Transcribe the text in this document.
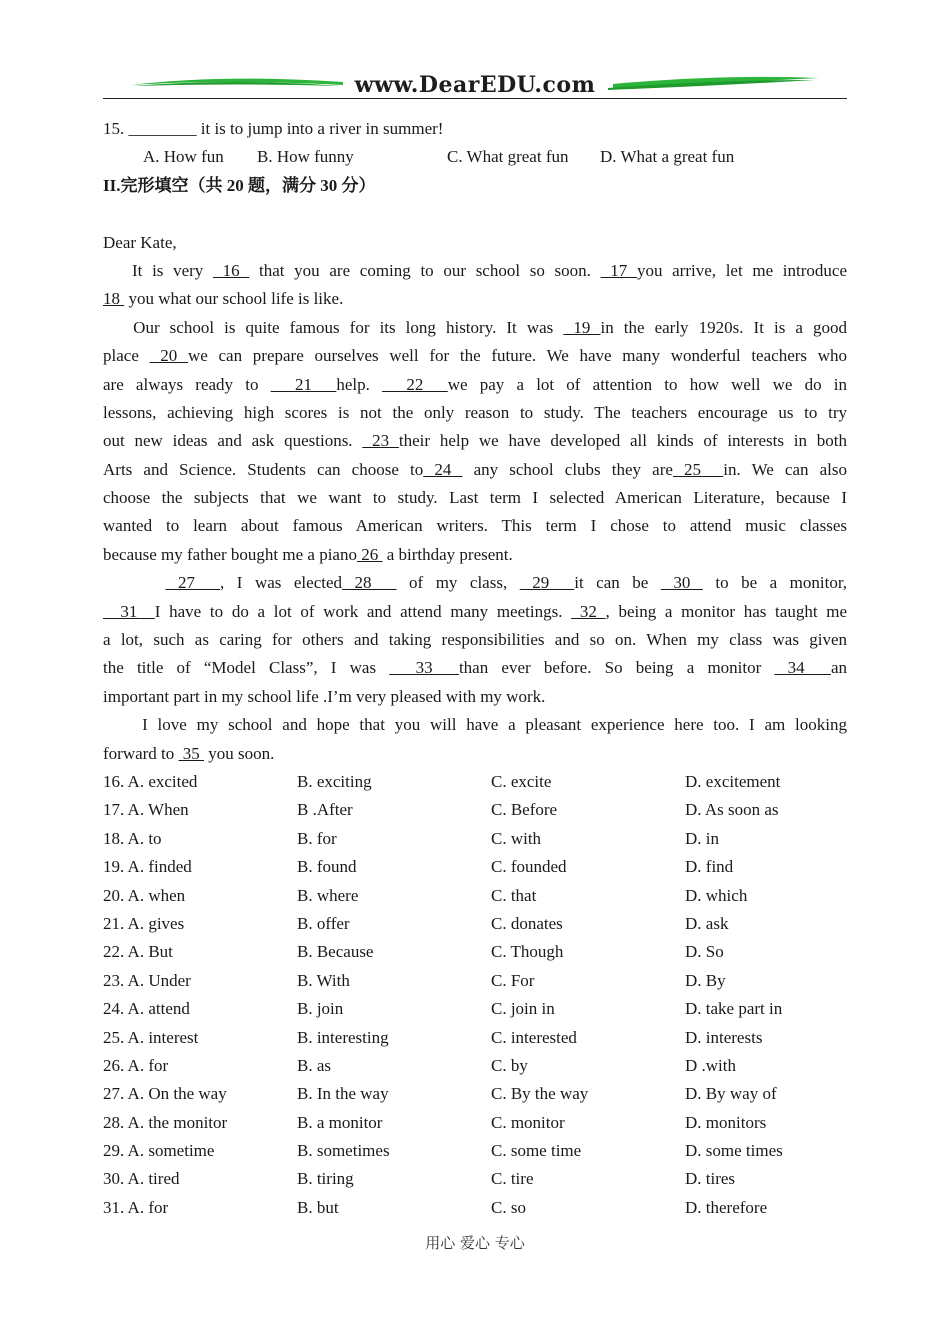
www.DearEDU.com
15. ________ it is to jump into a river in summer!
A. How fun B. How funny	C. What great fun D. What a great fun
II.完形填空（共 20 题，满分 30 分）
Dear Kate,
It is very  16  that you are coming to our school so soon.  17 you arrive, let me introduce
18  you what our school life is like.
Our school is quite famous for its long history. It was  19 in the early 1920s. It is a good
place  20 we can prepare ourselves well for the future. We have many wonderful teachers who
are always ready to   21  help.   22  we pay a lot of attention to how well we do in
lessons, achieving high scores is not the only reason to study. The teachers encourage us to try
out new ideas and ask questions.  23 their help we have developed all kinds of interests in both
Arts and Science. Students can choose to 24  any school clubs they are 25  in. We can also
choose the subjects that we want to study. Last term I selected American Literature, because I
wanted to learn about famous American writers. This term I chose to attend music classes
because my father bought me a piano 26  a birthday present.
27  , I was elected 28   of my class,  29  it can be  30  to be a monitor,
31  I have to do a lot of work and attend many meetings.  32 , being a monitor has taught me
a lot, such as caring for others and taking responsibilities and so on. When my class was given
the title of “Model Class”, I was   33  than ever before. So being a monitor  34  an
important part in my school life .I’m very pleased with my work.
I love my school and hope that you will have a pleasant experience here too. I am looking
forward to  35  you soon.
16. A. excited	B. exciting	C. excite	D. excitement
17. A. When	B .After	C. Before	D. As soon as
18. A. to	B. for	C. with	D. in
19. A. finded	B. found	C. founded	D. find
20. A. when	B. where	C. that	D. which
21. A. gives	B. offer	C. donates	D. ask
22. A. But	B. Because	C. Though	D. So
23. A. Under	B. With	C. For	D. By
24. A. attend	B. join	C. join in	D. take part in
25. A. interest	B. interesting	C. interested	D. interests
26. A. for	B. as	C. by	D .with
27. A. On the way	B. In the way	C. By the way	D. By way of
28. A. the monitor	B. a monitor	C. monitor	D. monitors
29. A. sometime	B. sometimes	C. some time	D. some times
30. A. tired	B. tiring	C. tire	D. tires
31. A. for	B. but	C. so	D. therefore
用心 爱心 专心
